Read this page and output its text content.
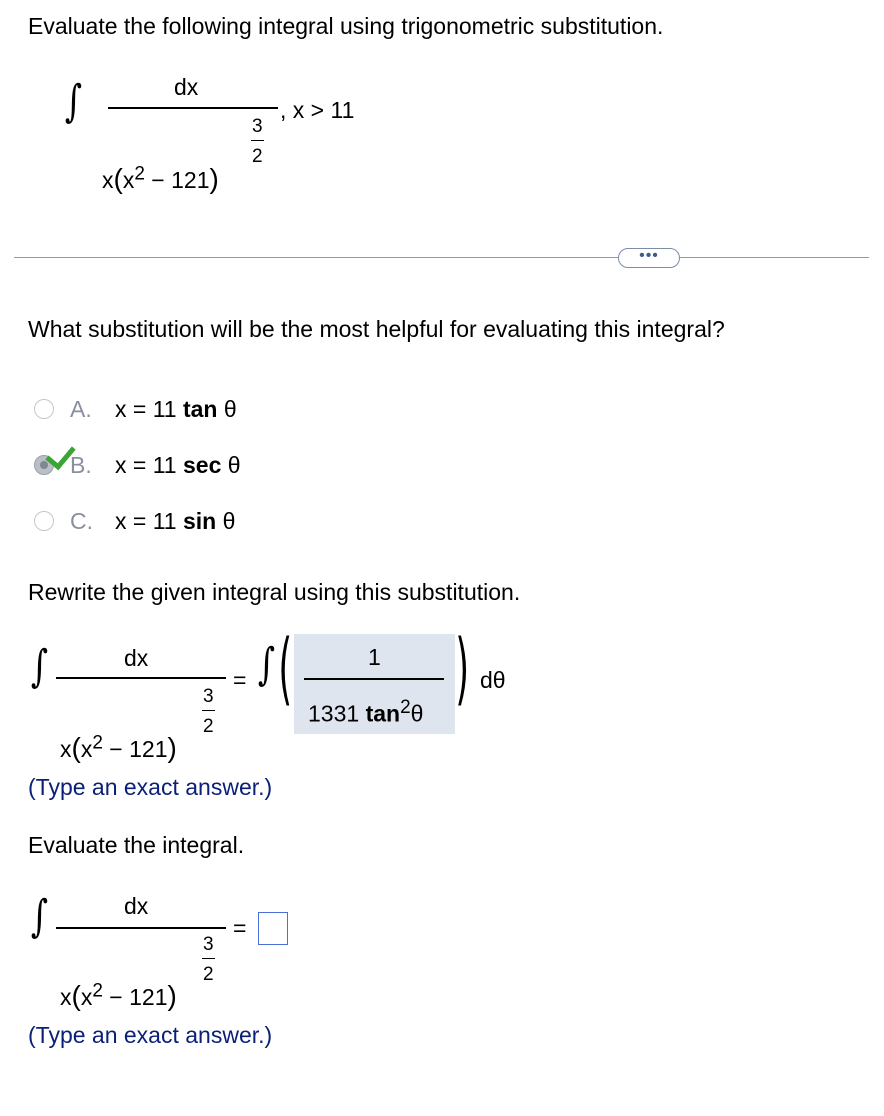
Evaluate the following integral using trigonometric substitution.
∫	dx
$x(x^2 - 121)$
3
2
, x > 11
•••
What substitution will be the most helpful for evaluating this integral?
A. x = 11 tan θ
B. x = 11 sec θ
C. x = 11 sin θ
Rewrite the given integral using this substitution.
∫	dx
$x(x^2 - 121)$
3
2
= ∫ (	1
1331 $\tan^2\theta$ ) dθ
(Type an exact answer.)
Evaluate the integral.
∫	dx
$x(x^2 - 121)$
3
2
=
(Type an exact answer.)
